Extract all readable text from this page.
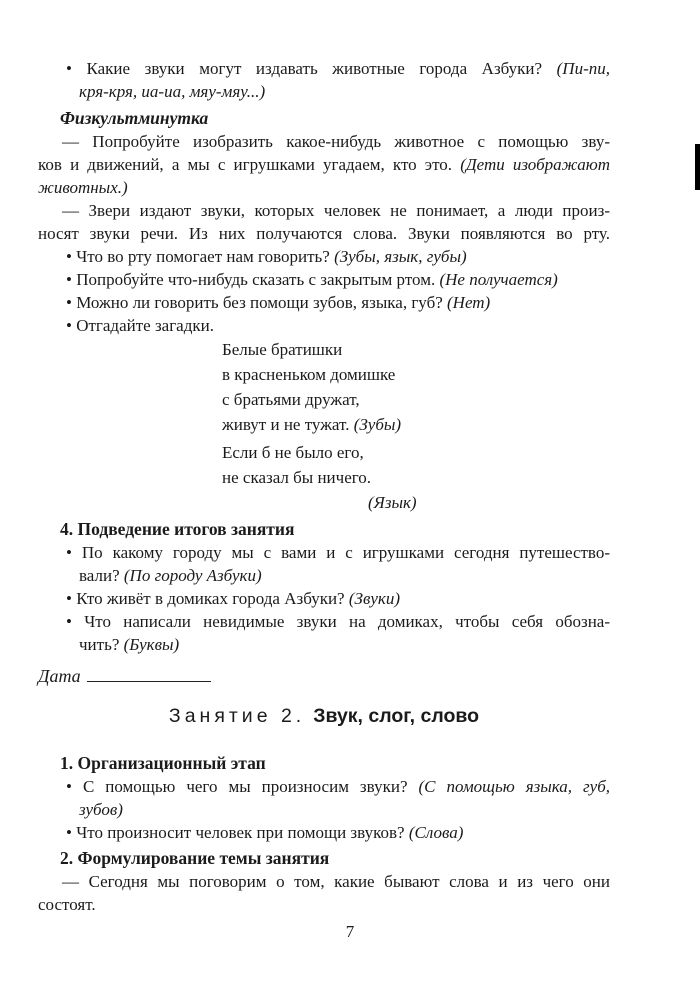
• Какие звуки могут издавать животные города Азбуки? (Пи-пи,
кря-кря, иа-иа, мяу-мяу...)
Физкультминутка
— Попробуйте изобразить какое-нибудь животное с помощью зву-
ков и движений, а мы с игрушками угадаем, кто это. (Дети изображают
животных.)
— Звери издают звуки, которых человек не понимает, а люди произ-
носят звуки речи. Из них получаются слова. Звуки появляются во рту.
• Что во рту помогает нам говорить? (Зубы, язык, губы)
• Попробуйте что-нибудь сказать с закрытым ртом. (Не получается)
• Можно ли говорить без помощи зубов, языка, губ? (Нет)
• Отгадайте загадки.
Белые братишки
в красненьком домишке
с братьями дружат,
живут и не тужат. (Зубы)
Если б не было его,
не сказал бы ничего.
(Язык)
4. Подведение итогов занятия
• По какому городу мы с вами и с игрушками сегодня путешество-
вали? (По городу Азбуки)
• Кто живёт в домиках города Азбуки? (Звуки)
• Что написали невидимые звуки на домиках, чтобы себя обозна-
чить? (Буквы)
Дата
Занятие 2. Звук, слог, слово
1. Организационный этап
• С помощью чего мы произносим звуки? (С помощью языка, губ,
зубов)
• Что произносит человек при помощи звуков? (Слова)
2. Формулирование темы занятия
— Сегодня мы поговорим о том, какие бывают слова и из чего они
состоят.
7
